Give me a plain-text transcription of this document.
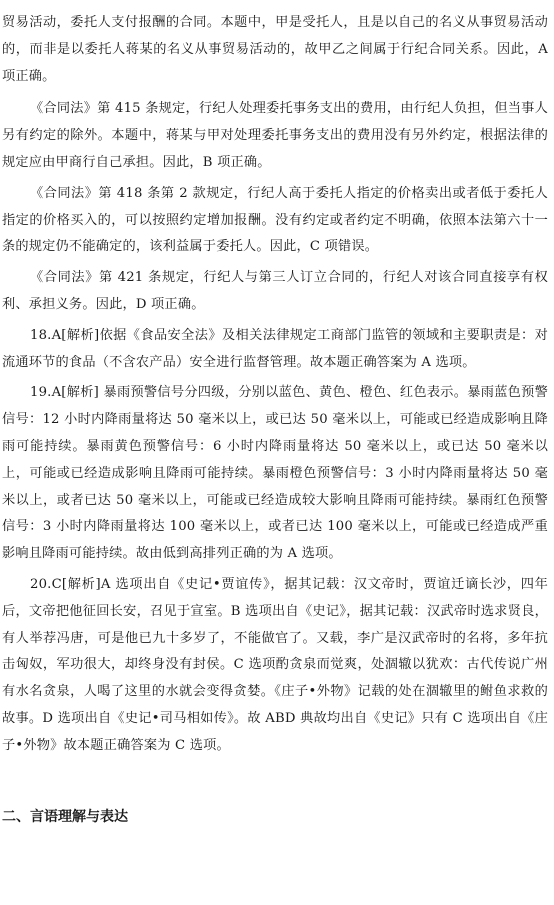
贸易活动，委托人支付报酬的合同。本题中，甲是受托人，且是以自己的名义从事贸易活动的，而非是以委托人蒋某的名义从事贸易活动的，故甲乙之间属于行纪合同关系。因此，A 项正确。

《合同法》第 415 条规定，行纪人处理委托事务支出的费用，由行纪人负担，但当事人另有约定的除外。本题中，蒋某与甲对处理委托事务支出的费用没有另外约定，根据法律的规定应由甲商行自己承担。因此，B 项正确。

《合同法》第 418 条第 2 款规定，行纪人高于委托人指定的价格卖出或者低于委托人指定的价格买入的，可以按照约定增加报酬。没有约定或者约定不明确，依照本法第六十一条的规定仍不能确定的，该利益属于委托人。因此，C 项错误。

《合同法》第 421 条规定，行纪人与第三人订立合同的，行纪人对该合同直接享有权利、承担义务。因此，D 项正确。

18.A[解析]依据《食品安全法》及相关法律规定工商部门监管的领域和主要职责是：对流通环节的食品（不含农产品）安全进行监督管理。故本题正确答案为 A 选项。

19.A[解析] 暴雨预警信号分四级，分别以蓝色、黄色、橙色、红色表示。暴雨蓝色预警信号：12 小时内降雨量将达 50 毫米以上，或已达 50 毫米以上，可能或已经造成影响且降雨可能持续。暴雨黄色预警信号：6 小时内降雨量将达 50 毫米以上，或已达 50 毫米以上，可能或已经造成影响且降雨可能持续。暴雨橙色预警信号：3 小时内降雨量将达 50 毫米以上，或者已达 50 毫米以上，可能或已经造成较大影响且降雨可能持续。暴雨红色预警信号：3 小时内降雨量将达 100 毫米以上，或者已达 100 毫米以上，可能或已经造成严重影响且降雨可能持续。故由低到高排列正确的为 A 选项。

20.C[解析]A 选项出自《史记•贾谊传》，据其记载：汉文帝时，贾谊迁谪长沙，四年后，文帝把他征回长安，召见于宣室。B 选项出自《史记》，据其记载：汉武帝时选求贤良，有人举荐冯唐，可是他已九十多岁了，不能做官了。又载，李广是汉武帝时的名将，多年抗击匈奴，军功很大，却终身没有封侯。C 选项酌贪泉而觉爽，处涸辙以犹欢：古代传说广州有水名贪泉，人喝了这里的水就会变得贪婪。《庄子•外物》记载的处在涸辙里的鲋鱼求救的故事。D 选项出自《史记•司马相如传》。故 ABD 典故均出自《史记》只有 C 选项出自《庄子•外物》故本题正确答案为 C 选项。

二、言语理解与表达
